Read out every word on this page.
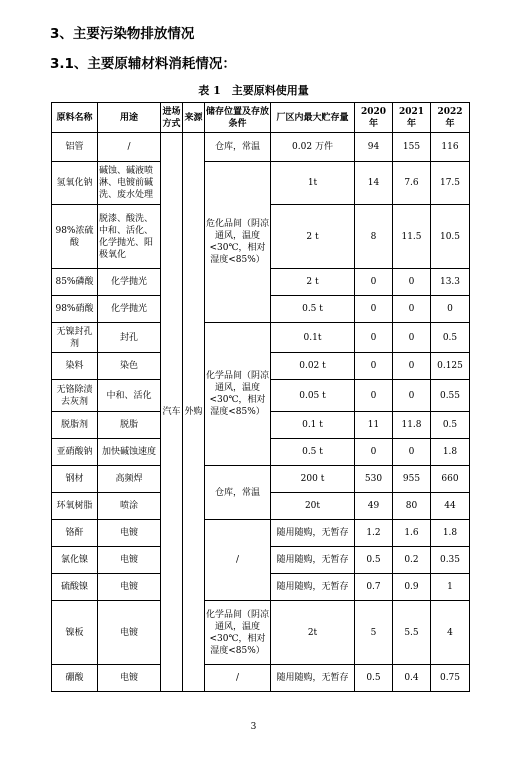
3、主要污染物排放情况
3.1、主要原辅材料消耗情况：
表 1　主要原料使用量
原料名称	用途	进场方式	来源	储存位置及存放条件	厂区内最大贮存量	2020 年	2021 年	2022 年
铝管	/	汽车	外购	仓库，常温	0.02 万件	94	155	116
氢氧化钠	碱蚀、碱液喷淋、电镀前碱洗、废水处理			危化品间（阴凉通风，温度<30℃，相对湿度<85%）	1t	14	7.6	17.5
98%浓硫酸	脱漆、酸洗、中和、活化、化学抛光、阳极氧化				2 t	8	11.5	10.5
85%磷酸	化学抛光				2 t	0	0	13.3
98%硝酸	化学抛光				0.5 t	0	0	0
无镍封孔剂	封孔			化学品间（阴凉通风，温度<30℃，相对湿度<85%）	0.1t	0	0	0.5
染料	染色				0.02 t	0	0	0.125
无铬除渍去灰剂	中和、活化				0.05 t	0	0	0.55
脱脂剂	脱脂				0.1 t	11	11.8	0.5
亚硝酸钠	加快碱蚀速度				0.5 t	0	0	1.8
钢材	高频焊			仓库，常温	200 t	530	955	660
环氧树脂	喷涂				20t	49	80	44
铬酐	电镀			/	随用随购，无暂存	1.2	1.6	1.8
氯化镍	电镀				随用随购，无暂存	0.5	0.2	0.35
硫酸镍	电镀				随用随购，无暂存	0.7	0.9	1
镍板	电镀			化学品间（阴凉通风，温度<30℃，相对湿度<85%）	2t	5	5.5	4
硼酸	电镀			/	随用随购，无暂存	0.5	0.4	0.75
3
